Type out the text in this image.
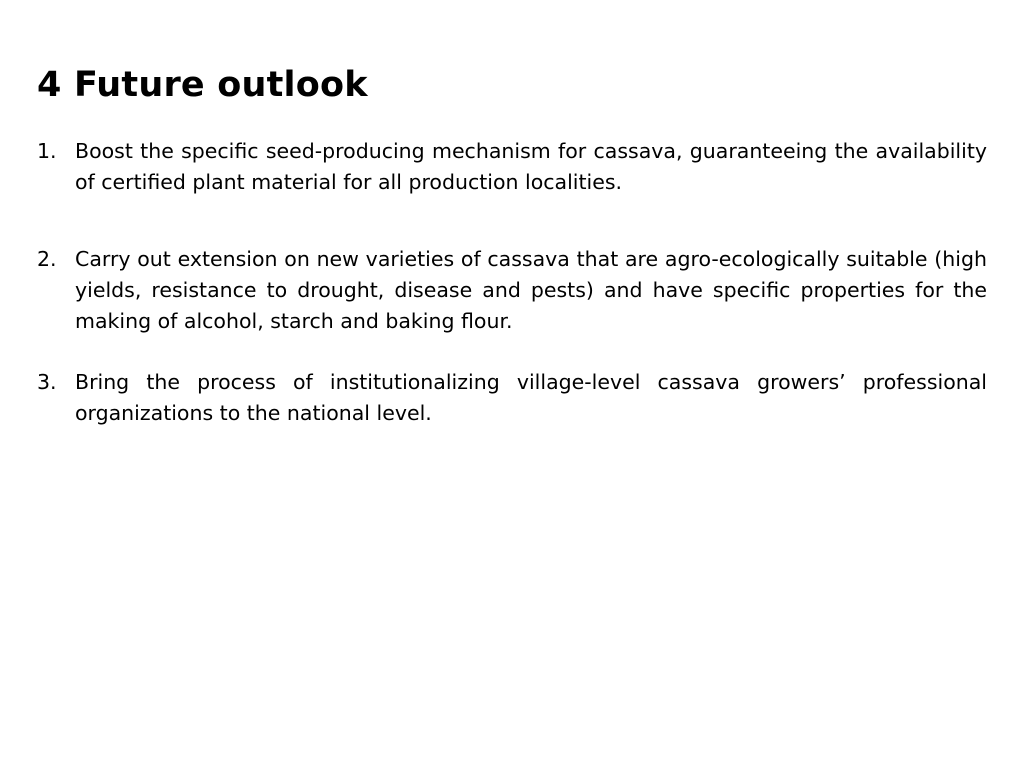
4 Future outlook
1. Boost the specific seed-producing mechanism for cassava, guaranteeing the availability of certified plant material for all production localities.
2. Carry out extension on new varieties of cassava that are agro-ecologically suitable (high yields, resistance to drought, disease and pests) and have specific properties for the making of alcohol, starch and baking flour.
3. Bring the process of institutionalizing village-level cassava growers’ professional organizations to the national level.
